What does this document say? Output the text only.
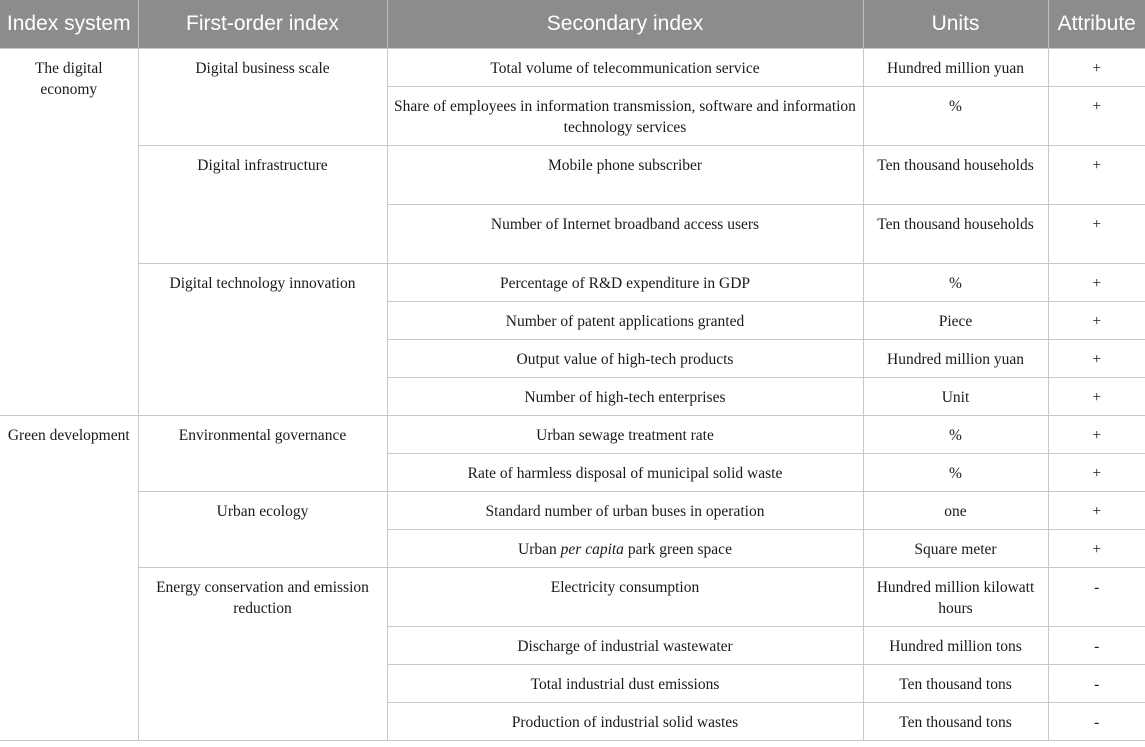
Index system	First-order index	Secondary index	Units	Attribute
The digital economy	Digital business scale	Total volume of telecommunication service	Hundred million yuan	+
		Share of employees in information transmission, software and information technology services	%	+
	Digital infrastructure	Mobile phone subscriber	Ten thousand households	+
		Number of Internet broadband access users	Ten thousand households	+
	Digital technology innovation	Percentage of R&D expenditure in GDP	%	+
		Number of patent applications granted	Piece	+
		Output value of high-tech products	Hundred million yuan	+
		Number of high-tech enterprises	Unit	+
Green development	Environmental governance	Urban sewage treatment rate	%	+
		Rate of harmless disposal of municipal solid waste	%	+
	Urban ecology	Standard number of urban buses in operation	one	+
		Urban per capita park green space	Square meter	+
	Energy conservation and emission reduction	Electricity consumption	Hundred million kilowatt hours	-
		Discharge of industrial wastewater	Hundred million tons	-
		Total industrial dust emissions	Ten thousand tons	-
		Production of industrial solid wastes	Ten thousand tons	-
